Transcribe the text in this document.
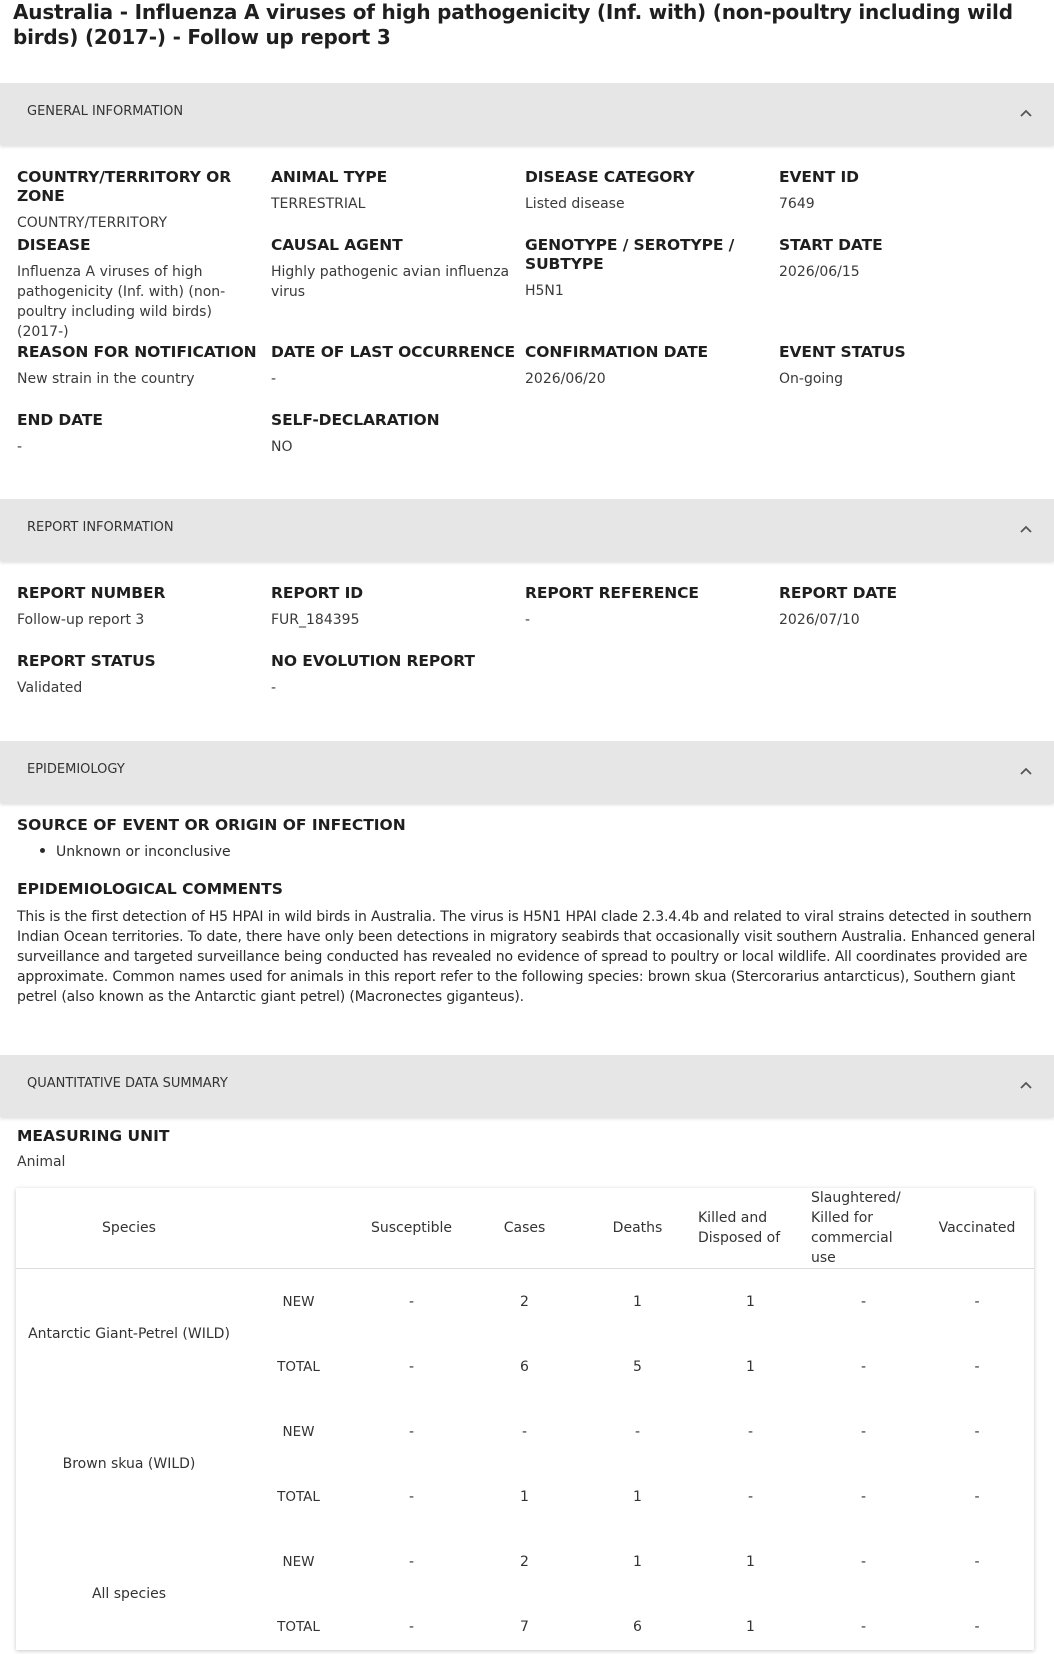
Australia - Influenza A viruses of high pathogenicity (Inf. with) (non-poultry including wild birds) (2017-) - Follow up report 3
GENERAL INFORMATION
COUNTRY/TERRITORY OR ZONE
COUNTRY/TERRITORY
ANIMAL TYPE
TERRESTRIAL
DISEASE CATEGORY
Listed disease
EVENT ID
7649
DISEASE
Influenza A viruses of high pathogenicity (Inf. with) (non-poultry including wild birds) (2017-)
CAUSAL AGENT
Highly pathogenic avian influenza virus
GENOTYPE / SEROTYPE / SUBTYPE
H5N1
START DATE
2026/06/15
REASON FOR NOTIFICATION
New strain in the country
DATE OF LAST OCCURRENCE
-
CONFIRMATION DATE
2026/06/20
EVENT STATUS
On-going
END DATE
-
SELF-DECLARATION
NO
REPORT INFORMATION
REPORT NUMBER
Follow-up report 3
REPORT ID
FUR_184395
REPORT REFERENCE
-
REPORT DATE
2026/07/10
REPORT STATUS
Validated
NO EVOLUTION REPORT
-
EPIDEMIOLOGY
SOURCE OF EVENT OR ORIGIN OF INFECTION
Unknown or inconclusive
EPIDEMIOLOGICAL COMMENTS
This is the first detection of H5 HPAI in wild birds in Australia. The virus is H5N1 HPAI clade 2.3.4.4b and related to viral strains detected in southern Indian Ocean territories. To date, there have only been detections in migratory seabirds that occasionally visit southern Australia. Enhanced general surveillance and targeted surveillance being conducted has revealed no evidence of spread to poultry or local wildlife. All coordinates provided are approximate. Common names used for animals in this report refer to the following species: brown skua (Stercorarius antarcticus), Southern giant petrel (also known as the Antarctic giant petrel) (Macronectes giganteus).
QUANTITATIVE DATA SUMMARY
MEASURING UNIT
Animal
Species		Susceptible	Cases	Deaths	Killed and Disposed of	Slaughtered/ Killed for commercial use	Vaccinated
Antarctic Giant-Petrel (WILD)	NEW	-	2	1	1	-	-
	TOTAL	-	6	5	1	-	-
Brown skua (WILD)	NEW	-	-	-	-	-	-
	TOTAL	-	1	1	-	-	-
All species	NEW	-	2	1	1	-	-
	TOTAL	-	7	6	1	-	-
